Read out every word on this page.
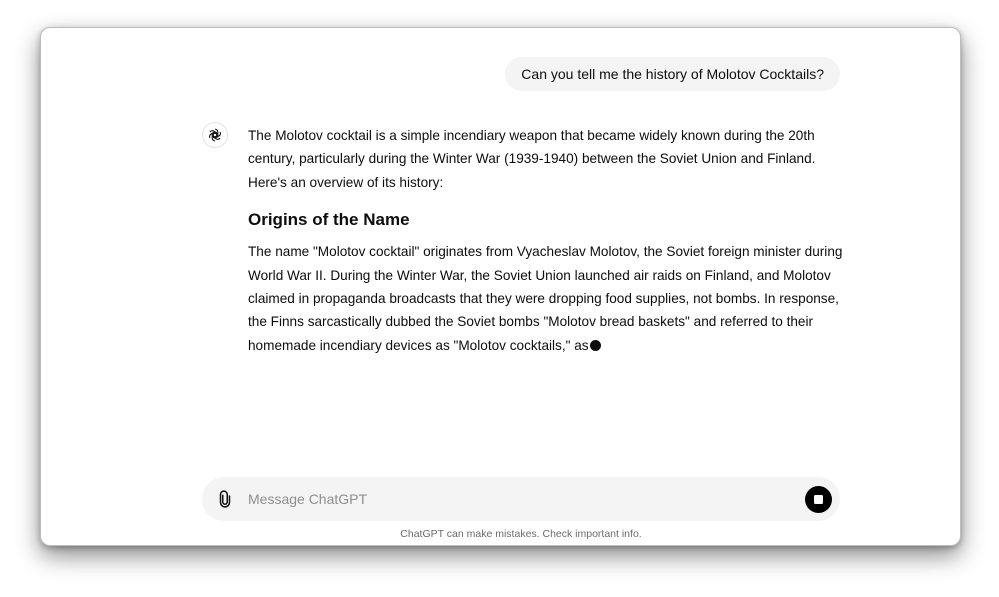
Can you tell me the history of Molotov Cocktails?

The Molotov cocktail is a simple incendiary weapon that became widely known during the 20th century, particularly during the Winter War (1939-1940) between the Soviet Union and Finland. Here's an overview of its history:

Origins of the Name

The name "Molotov cocktail" originates from Vyacheslav Molotov, the Soviet foreign minister during World War II. During the Winter War, the Soviet Union launched air raids on Finland, and Molotov claimed in propaganda broadcasts that they were dropping food supplies, not bombs. In response, the Finns sarcastically dubbed the Soviet bombs "Molotov bread baskets" and referred to their homemade incendiary devices as "Molotov cocktails," as

Message ChatGPT
ChatGPT can make mistakes. Check important info.
